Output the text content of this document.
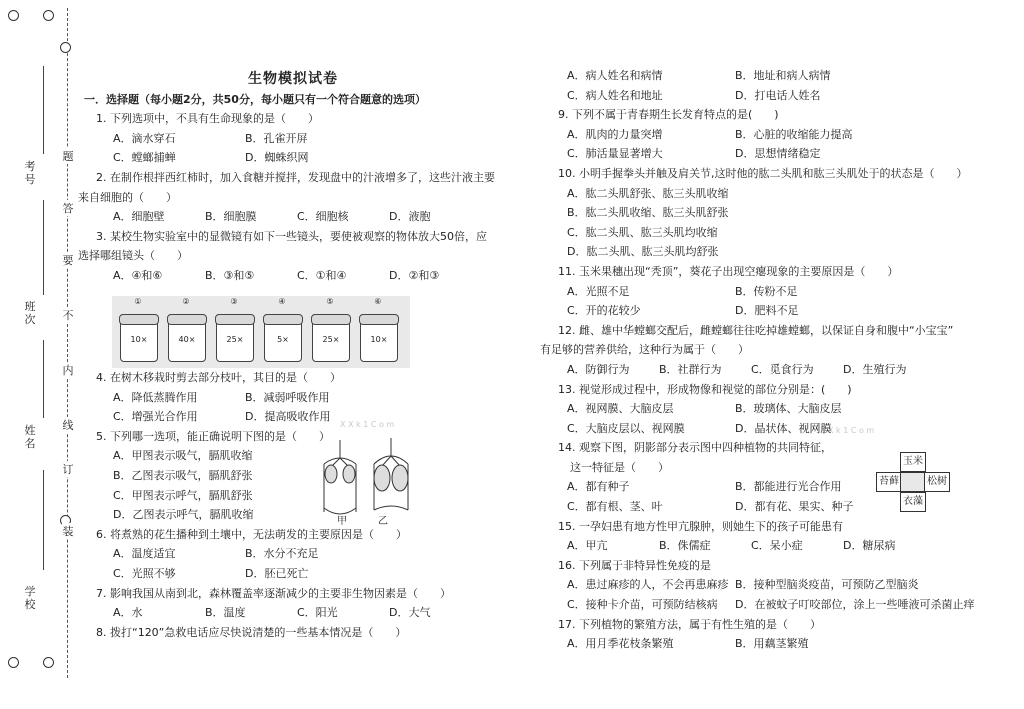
考号
班次
姓名
学校
题
答
要
不
内
线
订
装
生物模拟试卷
一．选择题（每小题2分，共50分，每小题只有一个符合题意的选项）
1. 下列选项中，不具有生命现象的是（　　）
A．滴水穿石	B．孔雀开屏
C．螳螂捕蝉	D．蜘蛛织网
2. 在制作根拌西红柿时，加入食糖并搅拌，发现盘中的汁液增多了，这些汁液主要
来自细胞的（　　）
A．细胞壁	B．细胞膜	C．细胞核	D．液胞
3. 某校生物实验室中的显微镜有如下一些镜头，要使被观察的物体放大50倍，应
选择哪组镜头（　　）
A．④和⑥	B．③和⑤	C．①和④	D．②和③
①
10×
②
40×
③
25×
④
5×
⑤
25×
⑥
10×
4. 在树木移栽时剪去部分枝叶，其目的是（　　）
A．降低蒸腾作用	B．减弱呼吸作用
C．增强光合作用	D．提高吸收作用
5. 下列哪一选项，能正确说明下图的是（　　）
A．甲图表示吸气，膈肌收缩
B．乙图表示吸气，膈肌舒张
C．甲图表示呼气，膈肌舒张
D．乙图表示呼气，膈肌收缩
6. 将煮熟的花生播种到土壤中，无法萌发的主要原因是（　　）
A．温度适宜	B．水分不充足
C．光照不够	D．胚已死亡
7. 影响我国从南到北，森林覆盖率逐渐减少的主要非生物因素是（　　）
A．水	B．温度	C．阳光	D．大气
8. 拨打“120”急救电话应尽快说清楚的一些基本情况是（　　）
甲	乙
X X k 1 C o m
X X k 1 C o m
A．病人姓名和病情	B．地址和病人病情
C．病人姓名和地址	D．打电话人姓名
9. 下列不属于青春期生长发育特点的是(　　)
A．肌肉的力量突增	B．心脏的收缩能力提高
C．肺活量显著增大	D．思想情绪稳定
10. 小明手握拳头并触及肩关节,这时他的肱二头肌和肱三头肌处于的状态是（　　）
A．肱二头肌舒张、肱三头肌收缩
B．肱二头肌收缩、肱三头肌舒张
C．肱二头肌、肱三头肌均收缩
D．肱二头肌、肱三头肌均舒张
11. 玉米果穗出现“秃顶”，葵花子出现空瘪现象的主要原因是（　　）
A．光照不足	B．传粉不足
C．开的花较少	D．肥料不足
12. 雌、雄中华螳螂交配后，雌螳螂往往吃掉雄螳螂，以保证自身和腹中“小宝宝”
有足够的营养供给，这种行为属于（　　）
A．防御行为	B．社群行为	C．觅食行为	D．生殖行为
13. 视觉形成过程中，形成物像和视觉的部位分别是：(　　)
A．视网膜、大脑皮层	B．玻璃体、大脑皮层
C．大脑皮层以、视网膜	D．晶状体、视网膜
14. 观察下图，阴影部分表示图中四种植物的共同特征，
这一特征是（　　）
A．都有种子	B．都能进行光合作用
C．都有根、茎、叶	D．都有花、果实、种子
15. 一孕妇患有地方性甲亢腺肿，则她生下的孩子可能患有
A．甲亢	B．侏儒症	C．呆小症	D．糖尿病
16. 下列属于非特异性免疫的是
A．患过麻疹的人，不会再患麻疹 B．接种型脑炎疫苗，可预防乙型脑炎
C．接种卡介苗，可预防结核病	D．在被蚊子叮咬部位，涂上一些唾液可杀菌止痒
17. 下列植物的繁殖方法，属于有性生殖的是（　　）
A．用月季花枝条繁殖	B．用藕茎繁殖
玉米
苔藓	松树
衣藻
